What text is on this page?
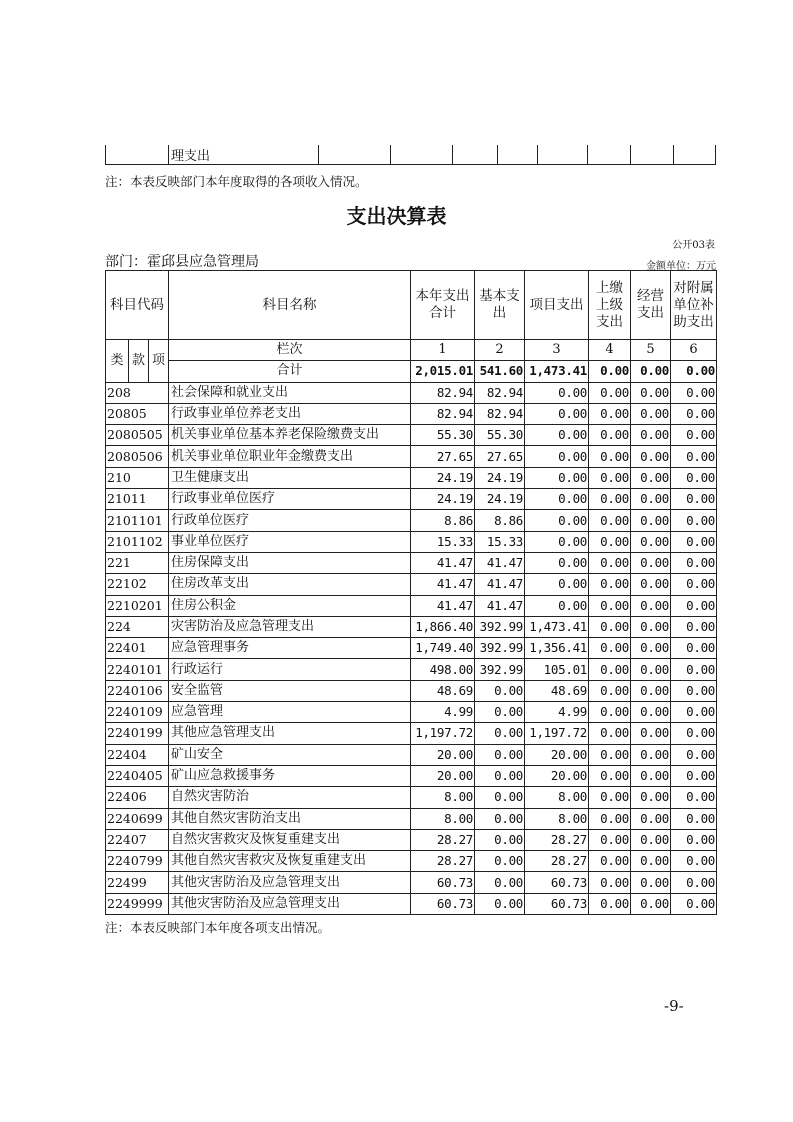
	理支出								
注：本表反映部门本年度取得的各项收入情况。
支出决算表
公开03表
部门：霍邱县应急管理局	金额单位：万元
科目代码			科目名称	本年支出合计	基本支出	项目支出	上缴上级支出	经营支出	对附属单位补助支出
类	款	项	栏次	1	2	3	4	5	6
			合计	2,015.01	541.60	1,473.41	0.00	0.00	0.00
208			社会保障和就业支出	82.94	82.94	0.00	0.00	0.00	0.00
20805			行政事业单位养老支出	82.94	82.94	0.00	0.00	0.00	0.00
2080505			机关事业单位基本养老保险缴费支出	55.30	55.30	0.00	0.00	0.00	0.00
2080506			机关事业单位职业年金缴费支出	27.65	27.65	0.00	0.00	0.00	0.00
210			卫生健康支出	24.19	24.19	0.00	0.00	0.00	0.00
21011			行政事业单位医疗	24.19	24.19	0.00	0.00	0.00	0.00
2101101			行政单位医疗	8.86	8.86	0.00	0.00	0.00	0.00
2101102			事业单位医疗	15.33	15.33	0.00	0.00	0.00	0.00
221			住房保障支出	41.47	41.47	0.00	0.00	0.00	0.00
22102			住房改革支出	41.47	41.47	0.00	0.00	0.00	0.00
2210201			住房公积金	41.47	41.47	0.00	0.00	0.00	0.00
224			灾害防治及应急管理支出	1,866.40	392.99	1,473.41	0.00	0.00	0.00
22401			应急管理事务	1,749.40	392.99	1,356.41	0.00	0.00	0.00
2240101			行政运行	498.00	392.99	105.01	0.00	0.00	0.00
2240106			安全监管	48.69	0.00	48.69	0.00	0.00	0.00
2240109			应急管理	4.99	0.00	4.99	0.00	0.00	0.00
2240199			其他应急管理支出	1,197.72	0.00	1,197.72	0.00	0.00	0.00
22404			矿山安全	20.00	0.00	20.00	0.00	0.00	0.00
2240405			矿山应急救援事务	20.00	0.00	20.00	0.00	0.00	0.00
22406			自然灾害防治	8.00	0.00	8.00	0.00	0.00	0.00
2240699			其他自然灾害防治支出	8.00	0.00	8.00	0.00	0.00	0.00
22407			自然灾害救灾及恢复重建支出	28.27	0.00	28.27	0.00	0.00	0.00
2240799			其他自然灾害救灾及恢复重建支出	28.27	0.00	28.27	0.00	0.00	0.00
22499			其他灾害防治及应急管理支出	60.73	0.00	60.73	0.00	0.00	0.00
2249999			其他灾害防治及应急管理支出	60.73	0.00	60.73	0.00	0.00	0.00
注：本表反映部门本年度各项支出情况。
-9-
